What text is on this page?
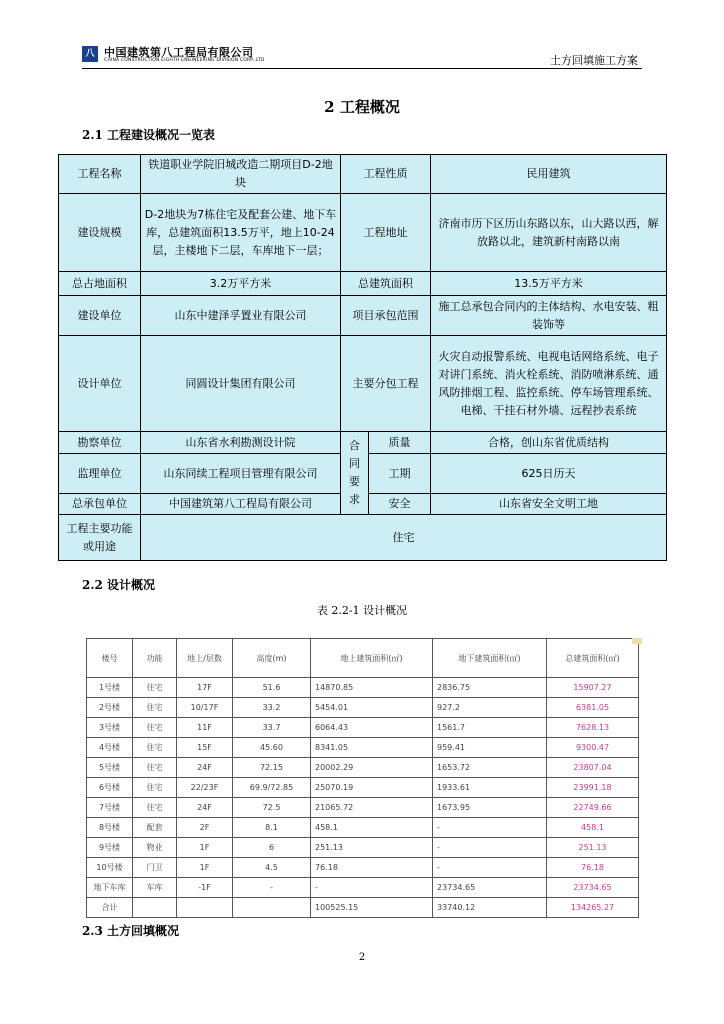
八 中国建筑第八工程局有限公司
CHINA CONSTRUCTION EIGHTH ENGINEERING DIVISION CORP.,LTD	土方回填施工方案
2 工程概况
2.1 工程建设概况一览表
工程名称	铁道职业学院旧城改造二期项目D-2地块	工程性质		民用建筑
建设规模	D-2地块为7栋住宅及配套公建、地下车库，总建筑面积13.5万平，地上10-24层，主楼地下二层，车库地下一层；	工程地址		济南市历下区历山东路以东，山大路以西，解放路以北，建筑新村南路以南
总占地面积	3.2万平方米	总建筑面积		13.5万平方米
建设单位	山东中建泽孚置业有限公司	项目承包范围		施工总承包合同内的主体结构、水电安装、粗装饰等
设计单位	同圆设计集团有限公司	主要分包工程		火灾自动报警系统、电视电话网络系统、电子对讲门系统、消火栓系统、消防喷淋系统、通风防排烟工程、监控系统、停车场管理系统、电梯、干挂石材外墙、远程抄表系统
勘察单位	山东省水利勘测设计院	合同要求	质量	合格，创山东省优质结构
监理单位	山东同续工程项目管理有限公司		工期	625日历天
总承包单位	中国建筑第八工程局有限公司		安全	山东省安全文明工地
工程主要功能或用途	住宅			
2.2 设计概况
表 2.2-1 设计概况
楼号	功能	地上/层数	高度(m)	地上建筑面积(㎡)	地下建筑面积(㎡)	总建筑面积(㎡)
1号楼	住宅	17F	51.6	14870.85	2836.75	15907.27
2号楼	住宅	10/17F	33.2	5454.01	927.2	6381.05
3号楼	住宅	11F	33.7	6064.43	1561.7	7628.13
4号楼	住宅	15F	45.60	8341.05	959.41	9300.47
5号楼	住宅	24F	72.15	20002.29	1653.72	23807.04
6号楼	住宅	22/23F	69.9/72.85	25070.19	1933.61	23991.18
7号楼	住宅	24F	72.5	21065.72	1673.95	22749.66
8号楼	配套	2F	8.1	458.1	-	458.1
9号楼	物业	1F	6	251.13	-	251.13
10号楼	门卫	1F	4.5	76.18	-	76.18
地下车库	车库	-1F	-	-	23734.65	23734.65
合计				100525.15	33740.12	134265.27
2.3 土方回填概况
2
